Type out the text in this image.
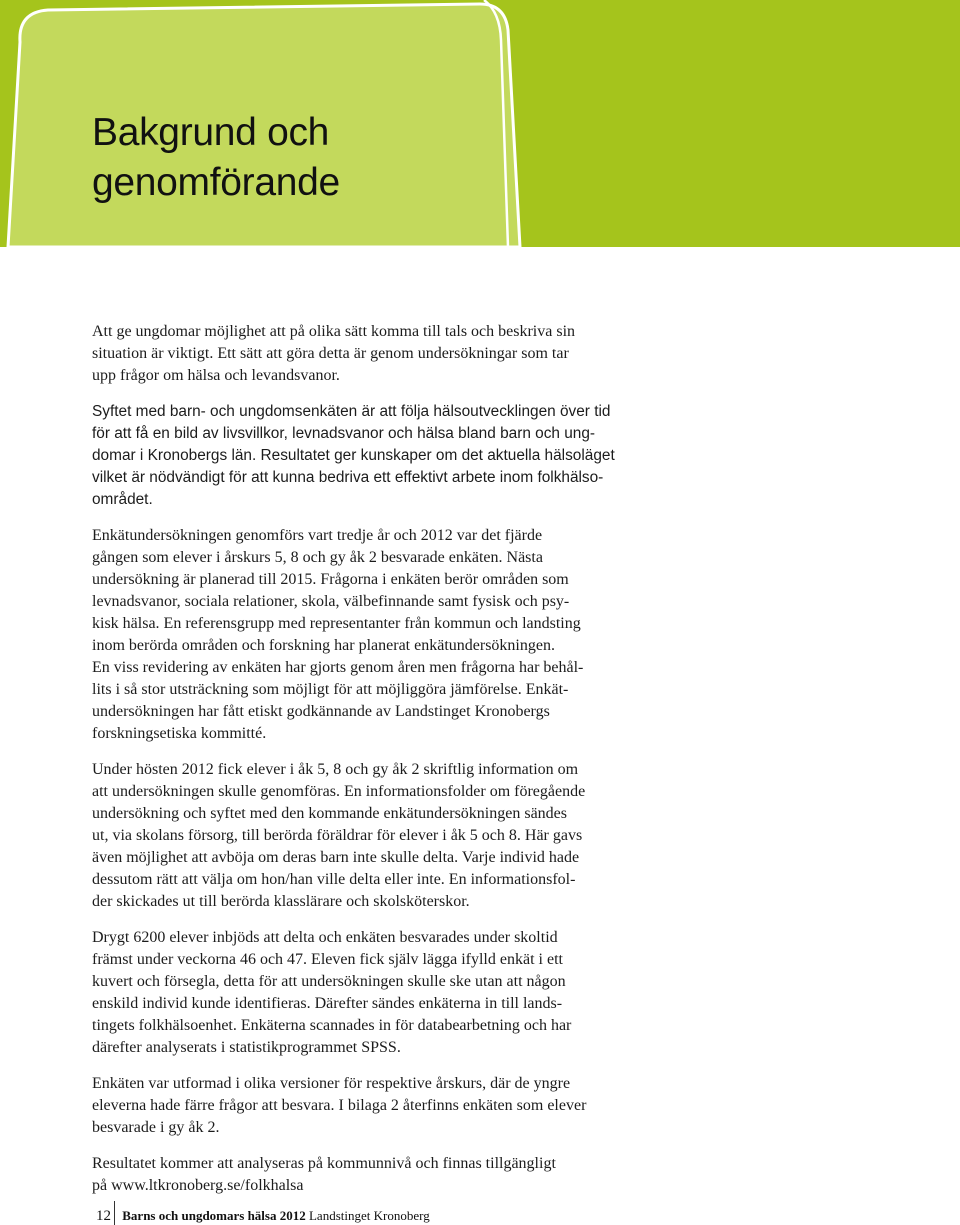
Bakgrund och
genomförande

Att ge ungdomar möjlighet att på olika sätt komma till tals och beskriva sin
situation är viktigt. Ett sätt att göra detta är genom undersökningar som tar
upp frågor om hälsa och levandsvanor.

Syftet med barn- och ungdomsenkäten är att följa hälsoutvecklingen över tid
för att få en bild av livsvillkor, levnadsvanor och hälsa bland barn och ung-
domar i Kronobergs län. Resultatet ger kunskaper om det aktuella hälsoläget
vilket är nödvändigt för att kunna bedriva ett effektivt arbete inom folkhälso-
området.

Enkätundersökningen genomförs vart tredje år och 2012 var det fjärde
gången som elever i årskurs 5, 8 och gy åk 2 besvarade enkäten. Nästa
undersökning är planerad till 2015. Frågorna i enkäten berör områden som
levnadsvanor, sociala relationer, skola, välbefinnande samt fysisk och psy-
kisk hälsa. En referensgrupp med representanter från kommun och landsting
inom berörda områden och forskning har planerat enkätundersökningen.

En viss revidering av enkäten har gjorts genom åren men frågorna har behål-
lits i så stor utsträckning som möjligt för att möjliggöra jämförelse. Enkät-
undersökningen har fått etiskt godkännande av Landstinget Kronobergs
forskningsetiska kommitté.

Under hösten 2012 fick elever i åk 5, 8 och gy åk 2 skriftlig information om
att undersökningen skulle genomföras. En informationsfolder om föregående
undersökning och syftet med den kommande enkätundersökningen sändes
ut, via skolans försorg, till berörda föräldrar för elever i åk 5 och 8. Här gavs
även möjlighet att avböja om deras barn inte skulle delta. Varje individ hade
dessutom rätt att välja om hon/han ville delta eller inte. En informationsfol-
der skickades ut till berörda klasslärare och skolsköterskor.

Drygt 6200 elever inbjöds att delta och enkäten besvarades under skoltid
främst under veckorna 46 och 47. Eleven fick själv lägga ifylld enkät i ett
kuvert och försegla, detta för att undersökningen skulle ske utan att någon
enskild individ kunde identifieras. Därefter sändes enkäterna in till lands-
tingets folkhälsoenhet. Enkäterna scannades in för databearbetning och har
därefter analyserats i statistikprogrammet SPSS.

Enkäten var utformad i olika versioner för respektive årskurs, där de yngre
eleverna hade färre frågor att besvara. I bilaga 2 återfinns enkäten som elever
besvarade i gy åk 2.

Resultatet kommer att analyseras på kommunnivå och finnas tillgängligt
på www.ltkronoberg.se/folkhalsa

12 Barns och ungdomars hälsa 2012 Landstinget Kronoberg
